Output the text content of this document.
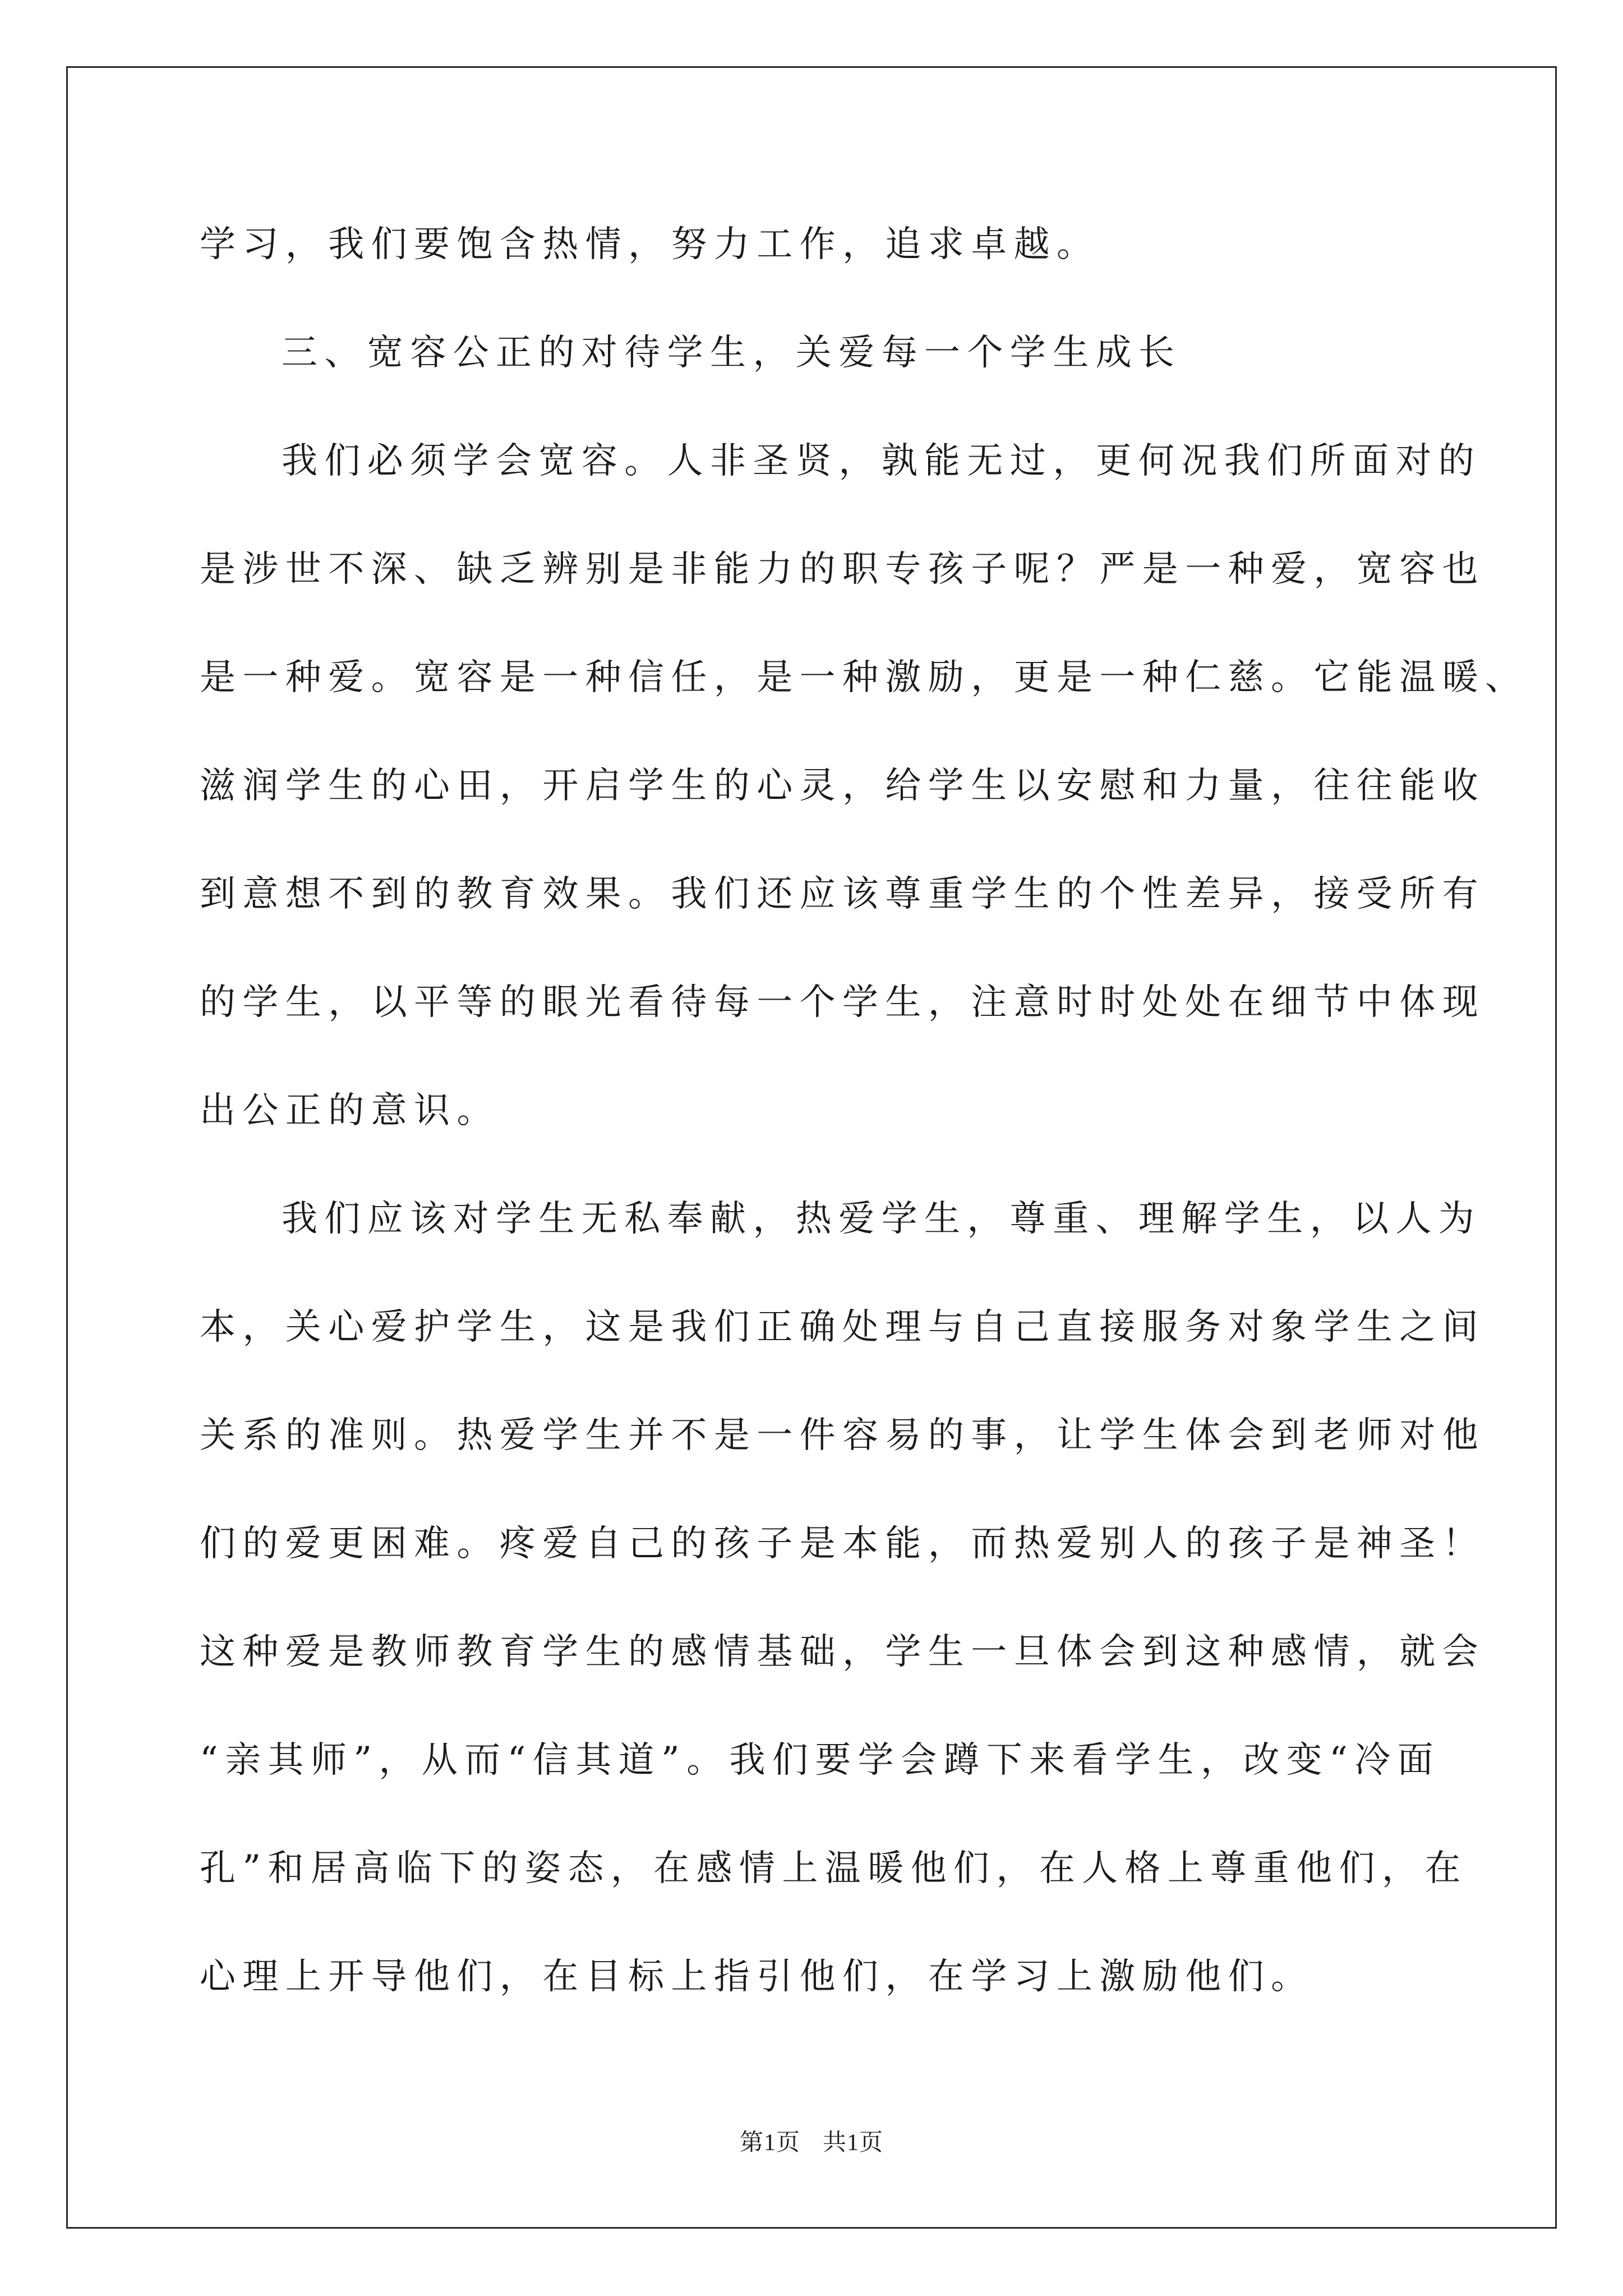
学习，我们要饱含热情，努力工作，追求卓越。
三、宽容公正的对待学生，关爱每一个学生成长
我们必须学会宽容。人非圣贤，孰能无过，更何况我们所面对的
是涉世不深、缺乏辨别是非能力的职专孩子呢？严是一种爱，宽容也
是一种爱。宽容是一种信任，是一种激励，更是一种仁慈。它能温暖、
滋润学生的心田，开启学生的心灵，给学生以安慰和力量，往往能收
到意想不到的教育效果。我们还应该尊重学生的个性差异，接受所有
的学生，以平等的眼光看待每一个学生，注意时时处处在细节中体现
出公正的意识。
我们应该对学生无私奉献，热爱学生，尊重、理解学生，以人为
本，关心爱护学生，这是我们正确处理与自己直接服务对象学生之间
关系的准则。热爱学生并不是一件容易的事，让学生体会到老师对他
们的爱更困难。疼爱自己的孩子是本能，而热爱别人的孩子是神圣！
这种爱是教师教育学生的感情基础，学生一旦体会到这种感情，就会
“亲其师”，从而“信其道”。我们要学会蹲下来看学生，改变“冷面
孔”和居高临下的姿态，在感情上温暖他们，在人格上尊重他们，在
心理上开导他们，在目标上指引他们，在学习上激励他们。
第1页 共1页
